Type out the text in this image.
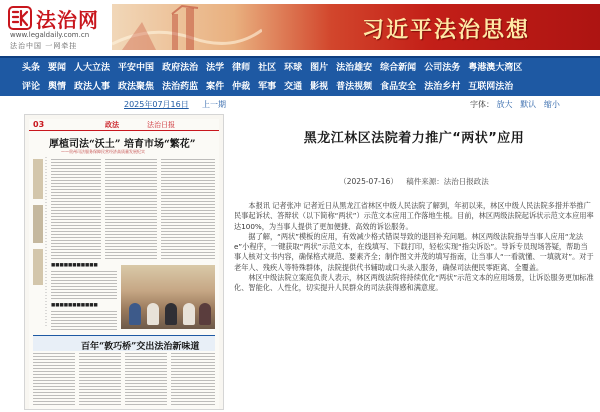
法治网
www.legaldaily.com.cn
法治中国 一网牵挂
习近平法治思想
头条 要闻 人大立法 平安中国 政府法治 法学 律师 社区 环球 图片 法治雄安 综合新闻 公司法务 粤港澳大湾区
评论 舆情 政法人事 政法聚焦 法治药监 案件 仲裁 军事 交通 影视 普法视频 食品安全 法治乡村 互联网法治
2025年07月16日 上一期	字体： 放大 默认 缩小
03	政法	法治日报
厚植司法“沃土” 培育市场“繁花”
——贵州司法服务保障民营经济高质量发展纪实
■■■■■■■■■■■
■■■■■■■■■■■
百年“敦巧桥”交出法治新味道
黑龙江林区法院着力推广“两状”应用
（2025-07-16） 稿件来源：法治日报政法

本报讯 记者张冲 记者近日从黑龙江省林区中级人民法院了解到，年初以来，林区中级人民法院多措并举推广民事起诉状、答辩状（以下简称“两状”）示范文本应用工作落地生根。目前，林区两级法院起诉状示范文本应用率达100%，为当事人提供了更加便捷、高效的诉讼服务。

据了解，“两状”模板的应用，有效减少格式错误导致的退回补充问题。林区两级法院指导当事人应用“龙法e”小程序，一键获取“两状”示范文本，在线填写、下载打印，轻松实现“指尖诉讼”。导诉专员现场答疑，帮助当事人核对文书内容，确保格式规范、要素齐全；制作图文并茂的填写指南，让当事人“一看就懂、一填就对”。对于老年人、残疾人等特殊群体，法院提供代书辅助或口头录入服务，确保司法便民零距离、全覆盖。

林区中级法院立案庭负责人表示，林区两级法院将持续优化“两状”示范文本的应用场景，让诉讼服务更加标准化、智能化、人性化，切实提升人民群众的司法获得感和满意度。
